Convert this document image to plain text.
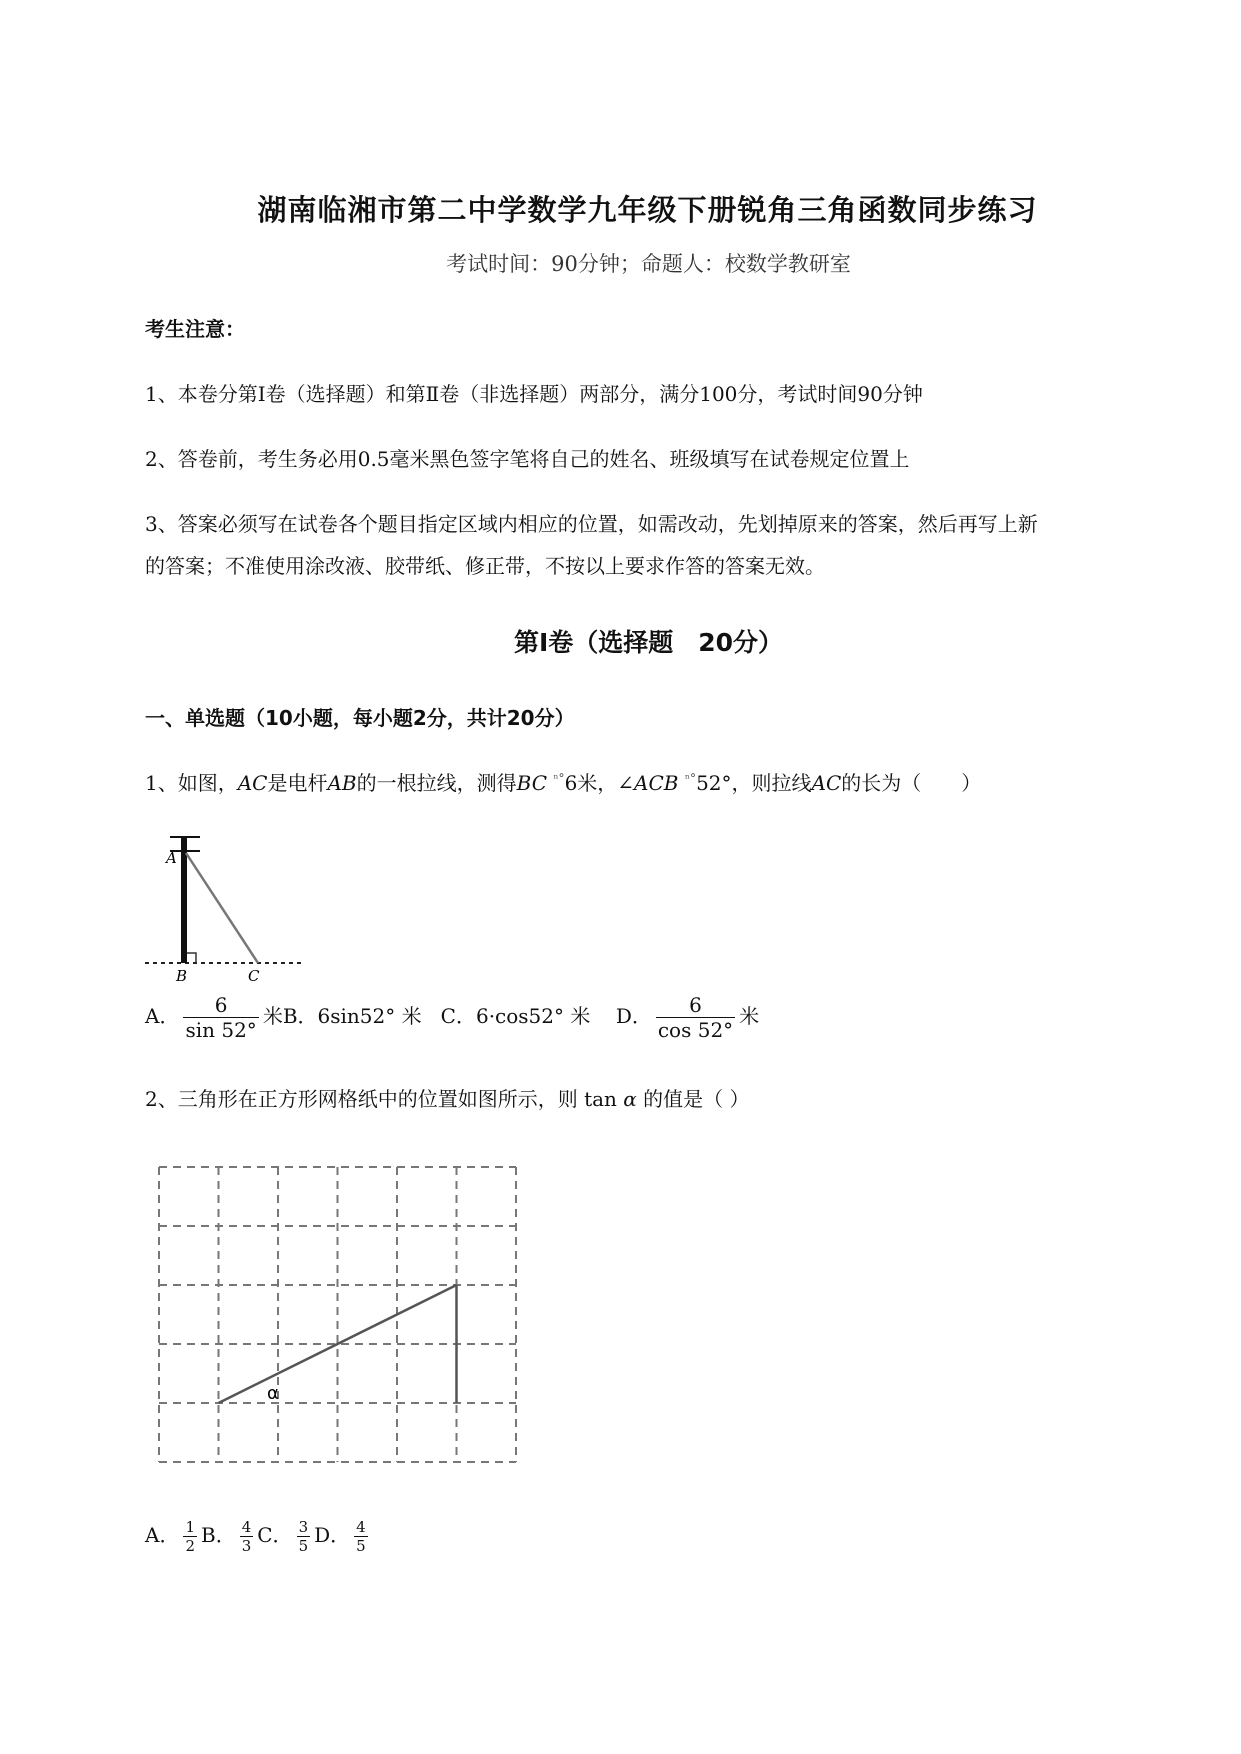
湖南临湘市第二中学数学九年级下册锐角三角函数同步练习
考试时间：90分钟；命题人：校数学教研室
考生注意：
1、本卷分第Ⅰ卷（选择题）和第Ⅱ卷（非选择题）两部分，满分100分，考试时间90分钟
2、答卷前，考生务必用0.5毫米黑色签字笔将自己的姓名、班级填写在试卷规定位置上
3、答案必须写在试卷各个题目指定区域内相应的位置，如需改动，先划掉原来的答案，然后再写上新
的答案；不准使用涂改液、胶带纸、修正带，不按以上要求作答的答案无效。
第Ⅰ卷（选择题　20分）
一、单选题（10小题，每小题2分，共计20分）
1、如图，AC是电杆AB的一根拉线，测得BC $^{^n^\circ}$6米，∠ACB $^{^n^\circ}$52°，则拉线AC的长为（　　）
A
B	C
A． $\frac{6}{\sin 52^\circ}$ 米B．6sin52° 米 C．6·cos52° 米 D． $\frac{6}{\cos 52^\circ}$ 米
2、三角形在正方形网格纸中的位置如图所示，则 tan α 的值是（ ）
α
A． $\frac{1}{2}$ B． $\frac{4}{3}$ C． $\frac{3}{5}$ D． $\frac{4}{5}$
